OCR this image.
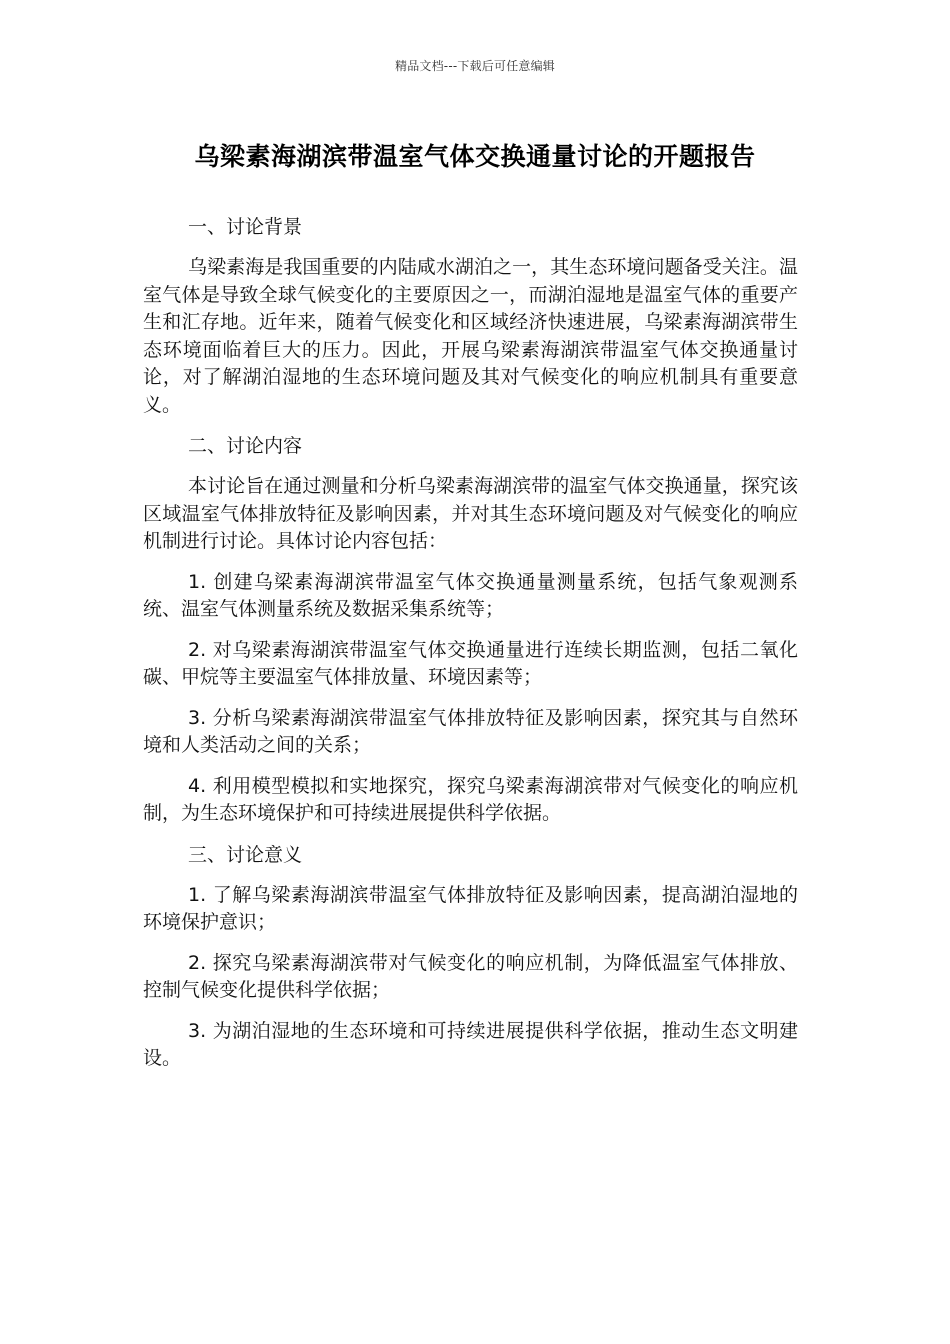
精品文档---下载后可任意编辑
乌梁素海湖滨带温室气体交换通量讨论的开题报告
一、讨论背景

乌梁素海是我国重要的内陆咸水湖泊之一，其生态环境问题备受关注。温室气体是导致全球气候变化的主要原因之一，而湖泊湿地是温室气体的重要产生和汇存地。近年来，随着气候变化和区域经济快速进展，乌梁素海湖滨带生态环境面临着巨大的压力。因此，开展乌梁素海湖滨带温室气体交换通量讨论，对了解湖泊湿地的生态环境问题及其对气候变化的响应机制具有重要意义。

二、讨论内容

本讨论旨在通过测量和分析乌梁素海湖滨带的温室气体交换通量，探究该区域温室气体排放特征及影响因素，并对其生态环境问题及对气候变化的响应机制进行讨论。具体讨论内容包括：

1. 创建乌梁素海湖滨带温室气体交换通量测量系统，包括气象观测系统、温室气体测量系统及数据采集系统等；

2. 对乌梁素海湖滨带温室气体交换通量进行连续长期监测，包括二氧化碳、甲烷等主要温室气体排放量、环境因素等；

3. 分析乌梁素海湖滨带温室气体排放特征及影响因素，探究其与自然环境和人类活动之间的关系；

4. 利用模型模拟和实地探究，探究乌梁素海湖滨带对气候变化的响应机制，为生态环境保护和可持续进展提供科学依据。

三、讨论意义

1. 了解乌梁素海湖滨带温室气体排放特征及影响因素，提高湖泊湿地的环境保护意识；

2. 探究乌梁素海湖滨带对气候变化的响应机制，为降低温室气体排放、控制气候变化提供科学依据；

3. 为湖泊湿地的生态环境和可持续进展提供科学依据，推动生态文明建设。
